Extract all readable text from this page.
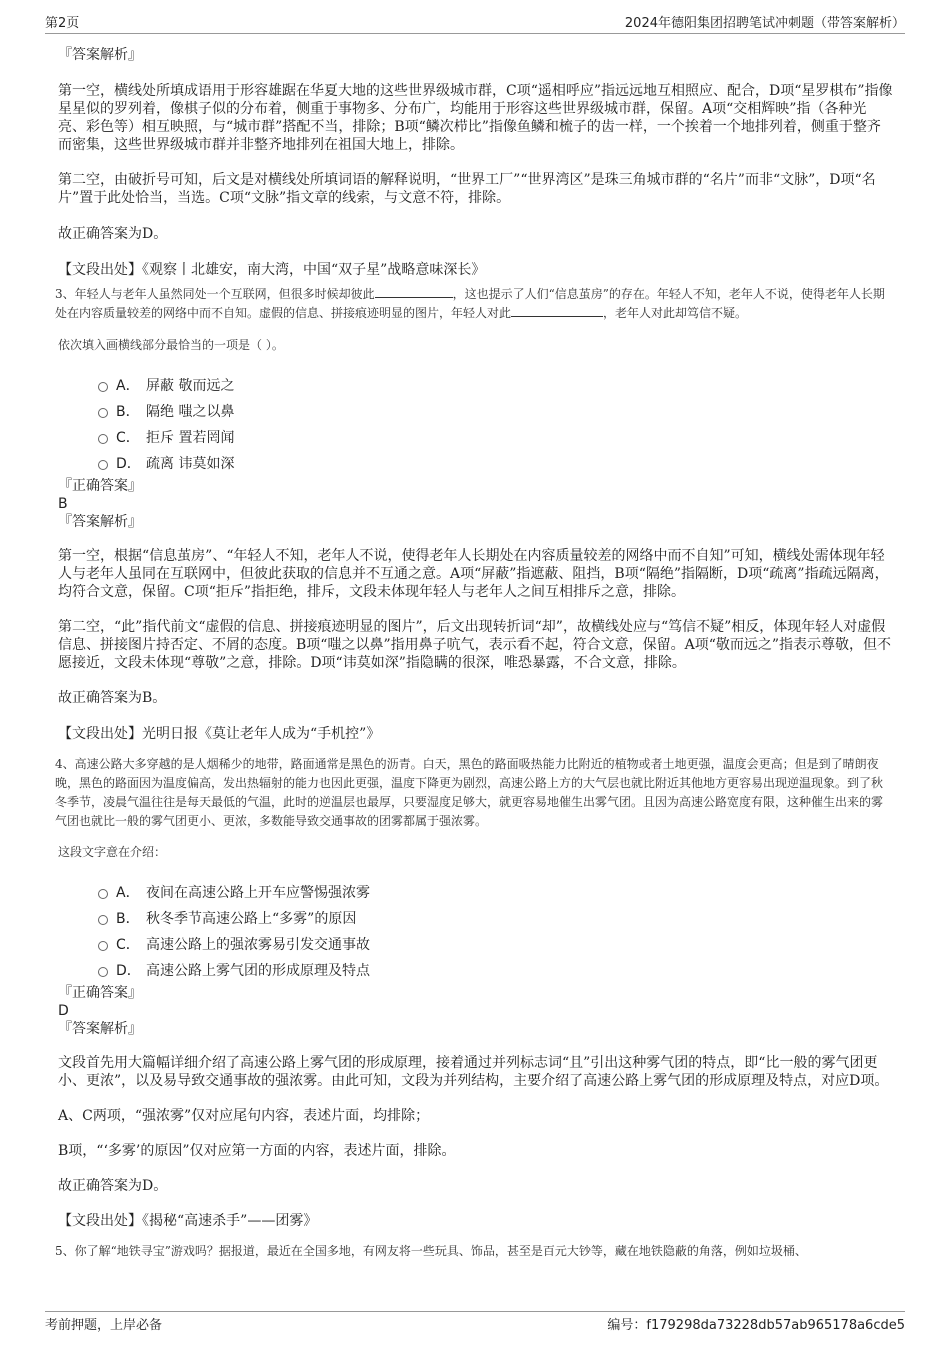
第2页	2024年德阳集团招聘笔试冲刺题（带答案解析）

『答案解析』

第一空，横线处所填成语用于形容雄踞在华夏大地的这些世界级城市群，C项“遥相呼应”指远远地互相照应、配合，D项“星罗棋布”指像星星似的罗列着，像棋子似的分布着，侧重于事物多、分布广，均能用于形容这些世界级城市群，保留。A项“交相辉映”指（各种光亮、彩色等）相互映照，与“城市群”搭配不当，排除；B项“鳞次栉比”指像鱼鳞和梳子的齿一样，一个挨着一个地排列着，侧重于整齐而密集，这些世界级城市群并非整齐地排列在祖国大地上，排除。

第二空，由破折号可知，后文是对横线处所填词语的解释说明，“世界工厂”“世界湾区”是珠三角城市群的“名片”而非“文脉”，D项“名片”置于此处恰当，当选。C项“文脉”指文章的线索，与文意不符，排除。

故正确答案为D。

【文段出处】《观察丨北雄安，南大湾，中国“双子星”战略意味深长》

3、年轻人与老年人虽然同处一个互联网，但很多时候却彼此	，这也提示了人们“信息茧房”的存在。年轻人不知，老年人不说，使得老年人长期处在内容质量较差的网络中而不自知。虚假的信息、拼接痕迹明显的图片，年轻人对此	，老年人对此却笃信不疑。

依次填入画横线部分最恰当的一项是（ ）。

A． 屏蔽 敬而远之
B． 隔绝 嗤之以鼻
C． 拒斥 置若罔闻
D． 疏离 讳莫如深

『正确答案』

B

『答案解析』

第一空，根据“信息茧房”、“年轻人不知，老年人不说，使得老年人长期处在内容质量较差的网络中而不自知”可知，横线处需体现年轻人与老年人虽同在互联网中，但彼此获取的信息并不互通之意。A项“屏蔽”指遮蔽、阻挡，B项“隔绝”指隔断，D项“疏离”指疏远隔离，均符合文意，保留。C项“拒斥”指拒绝，排斥，文段未体现年轻人与老年人之间互相排斥之意，排除。

第二空，“此”指代前文“虚假的信息、拼接痕迹明显的图片”，后文出现转折词“却”，故横线处应与“笃信不疑”相反，体现年轻人对虚假信息、拼接图片持否定、不屑的态度。B项“嗤之以鼻”指用鼻子吭气，表示看不起，符合文意，保留。A项“敬而远之”指表示尊敬，但不愿接近，文段未体现“尊敬”之意，排除。D项“讳莫如深”指隐瞒的很深，唯恐暴露，不合文意，排除。

故正确答案为B。

【文段出处】光明日报《莫让老年人成为“手机控”》

4、高速公路大多穿越的是人烟稀少的地带，路面通常是黑色的沥青。白天，黑色的路面吸热能力比附近的植物或者土地更强，温度会更高；但是到了晴朗夜晚，黑色的路面因为温度偏高，发出热辐射的能力也因此更强，温度下降更为剧烈，高速公路上方的大气层也就比附近其他地方更容易出现逆温现象。到了秋冬季节，凌晨气温往往是每天最低的气温，此时的逆温层也最厚，只要湿度足够大，就更容易地催生出雾气团。且因为高速公路宽度有限，这种催生出来的雾气团也就比一般的雾气团更小、更浓，多数能导致交通事故的团雾都属于强浓雾。

这段文字意在介绍：

A． 夜间在高速公路上开车应警惕强浓雾
B． 秋冬季节高速公路上“多雾”的原因
C． 高速公路上的强浓雾易引发交通事故
D． 高速公路上雾气团的形成原理及特点

『正确答案』

D

『答案解析』

文段首先用大篇幅详细介绍了高速公路上雾气团的形成原理，接着通过并列标志词“且”引出这种雾气团的特点，即“比一般的雾气团更小、更浓”，以及易导致交通事故的强浓雾。由此可知，文段为并列结构，主要介绍了高速公路上雾气团的形成原理及特点，对应D项。

A、C两项，“强浓雾”仅对应尾句内容，表述片面，均排除；

B项，“‘多雾’的原因”仅对应第一方面的内容，表述片面，排除。

故正确答案为D。

【文段出处】《揭秘“高速杀手”——团雾》

5、你了解“地铁寻宝”游戏吗？据报道，最近在全国多地，有网友将一些玩具、饰品，甚至是百元大钞等，藏在地铁隐蔽的角落，例如垃圾桶、

考前押题，上岸必备	编号：f179298da73228db57ab965178a6cde5
